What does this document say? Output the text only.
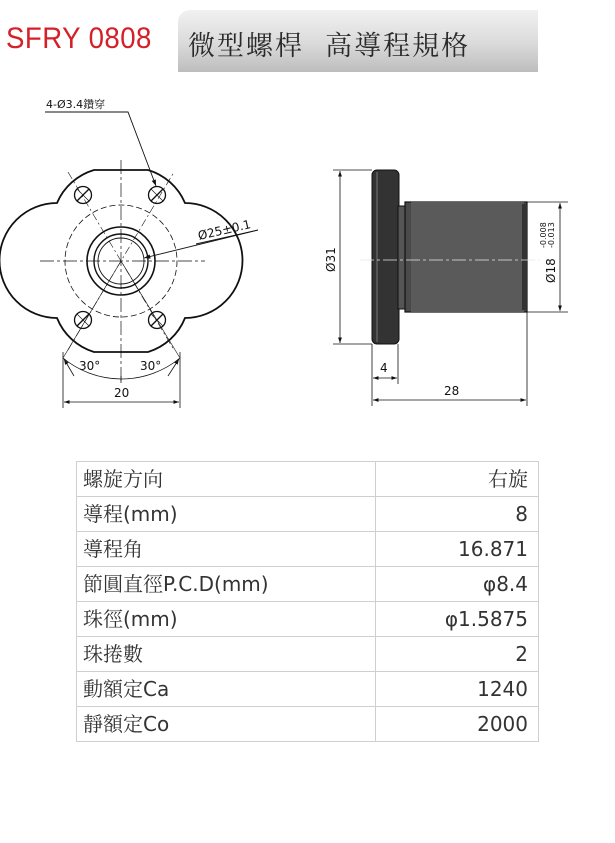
SFRY 0808 微型螺桿  高導程規格
4-Ø3.4鑽穿
Ø25±0.1
30°	30°
20
Ø31	Ø18
-0.008 -0.013
4
28
螺旋方向	右旋
導程(mm)	8
導程角	16.871
節圓直徑P.C.D(mm)	φ8.4
珠徑(mm)	φ1.5875
珠捲數	2
動額定Ca	1240
靜額定Co	2000
